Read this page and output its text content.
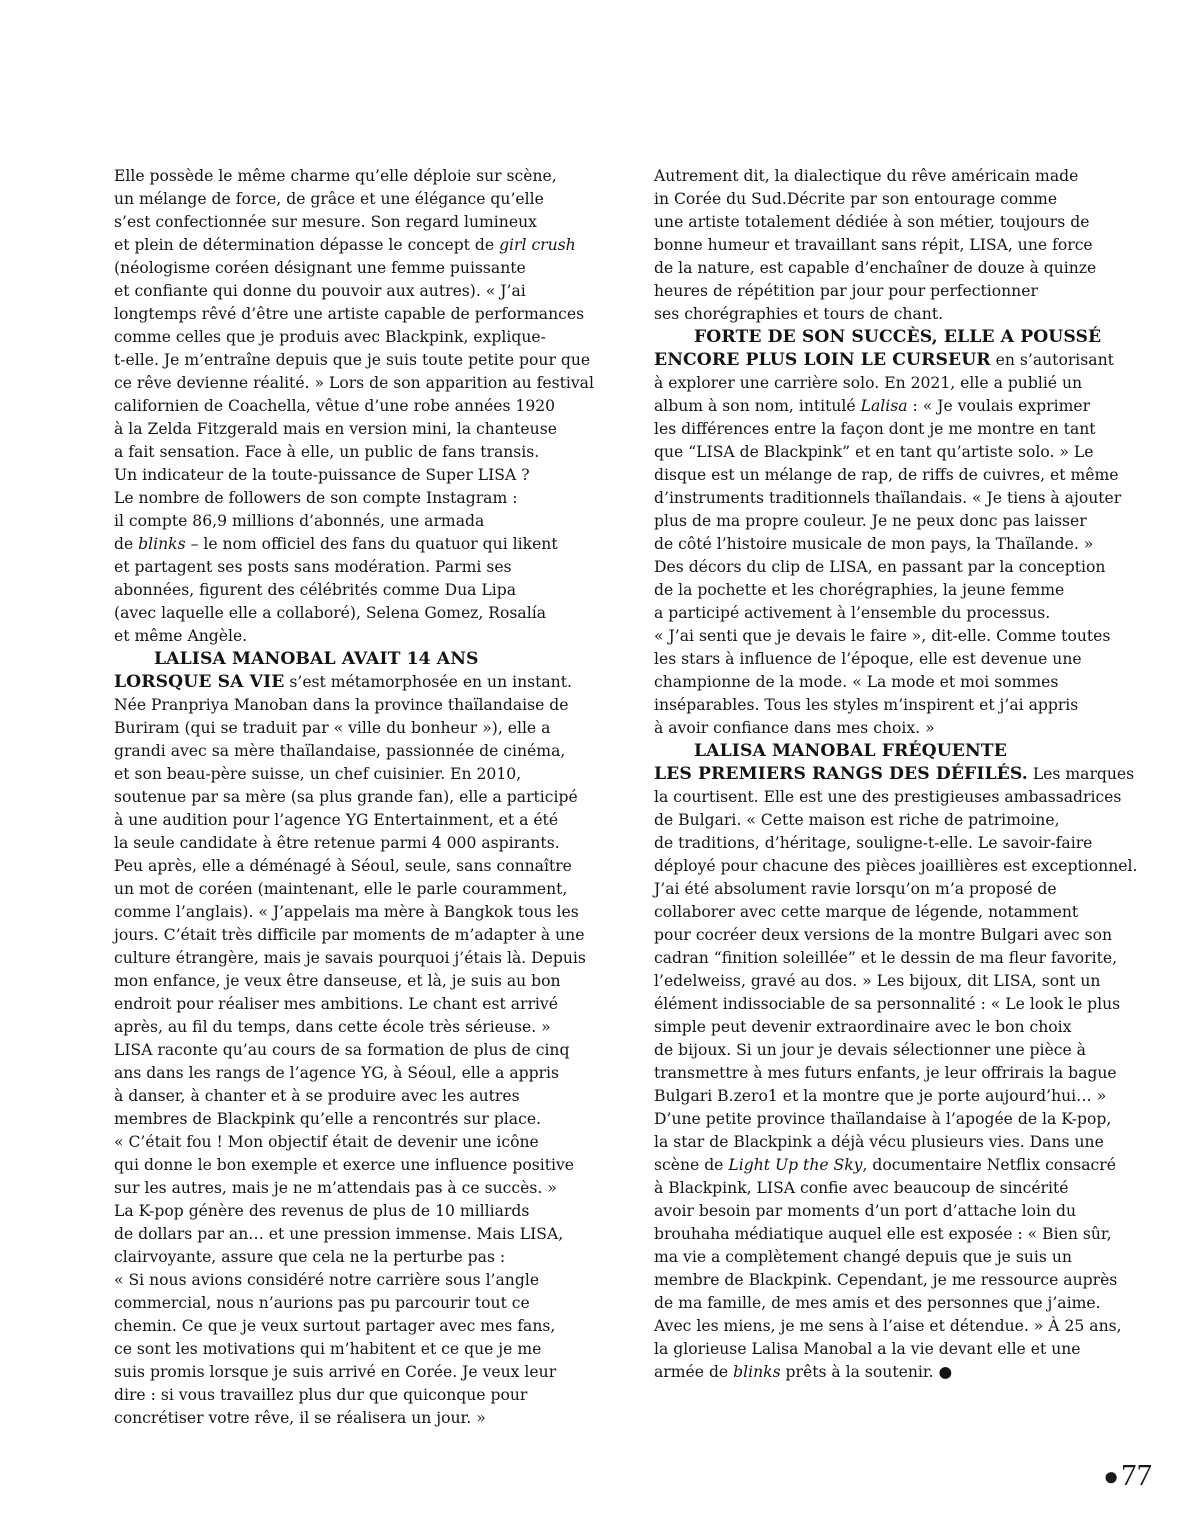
Elle possède le même charme qu’elle déploie sur scène,
un mélange de force, de grâce et une élégance qu’elle
s’est confectionnée sur mesure. Son regard lumineux
et plein de détermination dépasse le concept de girl crush
(néologisme coréen désignant une femme puissante
et confiante qui donne du pouvoir aux autres). « J’ai
longtemps rêvé d’être une artiste capable de performances
comme celles que je produis avec Blackpink, explique-
t-elle. Je m’entraîne depuis que je suis toute petite pour que
ce rêve devienne réalité. » Lors de son apparition au festival
californien de Coachella, vêtue d’une robe années 1920
à la Zelda Fitzgerald mais en version mini, la chanteuse
a fait sensation. Face à elle, un public de fans transis.
Un indicateur de la toute-puissance de Super LISA ?
Le nombre de followers de son compte Instagram :
il compte 86,9 millions d’abonnés, une armada
de blinks – le nom officiel des fans du quatuor qui likent
et partagent ses posts sans modération. Parmi ses
abonnées, figurent des célébrités comme Dua Lipa
(avec laquelle elle a collaboré), Selena Gomez, Rosalía
et même Angèle.

LALISA MANOBAL AVAIT 14 ANS
LORSQUE SA VIE s’est métamorphosée en un instant.
Née Pranpriya Manoban dans la province thaïlandaise de
Buriram (qui se traduit par « ville du bonheur »), elle a
grandi avec sa mère thaïlandaise, passionnée de cinéma,
et son beau-père suisse, un chef cuisinier. En 2010,
soutenue par sa mère (sa plus grande fan), elle a participé
à une audition pour l’agence YG Entertainment, et a été
la seule candidate à être retenue parmi 4 000 aspirants.
Peu après, elle a déménagé à Séoul, seule, sans connaître
un mot de coréen (maintenant, elle le parle couramment,
comme l’anglais). « J’appelais ma mère à Bangkok tous les
jours. C’était très difficile par moments de m’adapter à une
culture étrangère, mais je savais pourquoi j’étais là. Depuis
mon enfance, je veux être danseuse, et là, je suis au bon
endroit pour réaliser mes ambitions. Le chant est arrivé
après, au fil du temps, dans cette école très sérieuse. »
LISA raconte qu’au cours de sa formation de plus de cinq
ans dans les rangs de l’agence YG, à Séoul, elle a appris
à danser, à chanter et à se produire avec les autres
membres de Blackpink qu’elle a rencontrés sur place.
« C’était fou ! Mon objectif était de devenir une icône
qui donne le bon exemple et exerce une influence positive
sur les autres, mais je ne m’attendais pas à ce succès. »
La K-pop génère des revenus de plus de 10 milliards
de dollars par an… et une pression immense. Mais LISA,
clairvoyante, assure que cela ne la perturbe pas :
« Si nous avions considéré notre carrière sous l’angle
commercial, nous n’aurions pas pu parcourir tout ce
chemin. Ce que je veux surtout partager avec mes fans,
ce sont les motivations qui m’habitent et ce que je me
suis promis lorsque je suis arrivé en Corée. Je veux leur
dire : si vous travaillez plus dur que quiconque pour
concrétiser votre rêve, il se réalisera un jour. »

Autrement dit, la dialectique du rêve américain made
in Corée du Sud.Décrite par son entourage comme
une artiste totalement dédiée à son métier, toujours de
bonne humeur et travaillant sans répit, LISA, une force
de la nature, est capable d’enchaîner de douze à quinze
heures de répétition par jour pour perfectionner
ses chorégraphies et tours de chant.

FORTE DE SON SUCCÈS, ELLE A POUSSÉ
ENCORE PLUS LOIN LE CURSEUR en s’autorisant
à explorer une carrière solo. En 2021, elle a publié un
album à son nom, intitulé Lalisa : « Je voulais exprimer
les différences entre la façon dont je me montre en tant
que “LISA de Blackpink” et en tant qu’artiste solo. » Le
disque est un mélange de rap, de riffs de cuivres, et même
d’instruments traditionnels thaïlandais. « Je tiens à ajouter
plus de ma propre couleur. Je ne peux donc pas laisser
de côté l’histoire musicale de mon pays, la Thaïlande. »
Des décors du clip de LISA, en passant par la conception
de la pochette et les chorégraphies, la jeune femme
a participé activement à l’ensemble du processus.
« J’ai senti que je devais le faire », dit-elle. Comme toutes
les stars à influence de l’époque, elle est devenue une
championne de la mode. « La mode et moi sommes
inséparables. Tous les styles m’inspirent et j’ai appris
à avoir confiance dans mes choix. »

LALISA MANOBAL FRÉQUENTE
LES PREMIERS RANGS DES DÉFILÉS. Les marques
la courtisent. Elle est une des prestigieuses ambassadrices
de Bulgari. « Cette maison est riche de patrimoine,
de traditions, d’héritage, souligne-t-elle. Le savoir-faire
déployé pour chacune des pièces joaillières est exceptionnel.
J’ai été absolument ravie lorsqu’on m’a proposé de
collaborer avec cette marque de légende, notamment
pour cocréer deux versions de la montre Bulgari avec son
cadran “finition soleillée” et le dessin de ma fleur favorite,
l’edelweiss, gravé au dos. » Les bijoux, dit LISA, sont un
élément indissociable de sa personnalité : « Le look le plus
simple peut devenir extraordinaire avec le bon choix
de bijoux. Si un jour je devais sélectionner une pièce à
transmettre à mes futurs enfants, je leur offrirais la bague
Bulgari B.zero1 et la montre que je porte aujourd’hui… »
D’une petite province thaïlandaise à l’apogée de la K-pop,
la star de Blackpink a déjà vécu plusieurs vies. Dans une
scène de Light Up the Sky, documentaire Netflix consacré
à Blackpink, LISA confie avec beaucoup de sincérité
avoir besoin par moments d’un port d’attache loin du
brouhaha médiatique auquel elle est exposée : « Bien sûr,
ma vie a complètement changé depuis que je suis un
membre de Blackpink. Cependant, je me ressource auprès
de ma famille, de mes amis et des personnes que j’aime.
Avec les miens, je me sens à l’aise et détendue. » À 25 ans,
la glorieuse Lalisa Manobal a la vie devant elle et une
armée de blinks prêts à la soutenir. ●

●77
